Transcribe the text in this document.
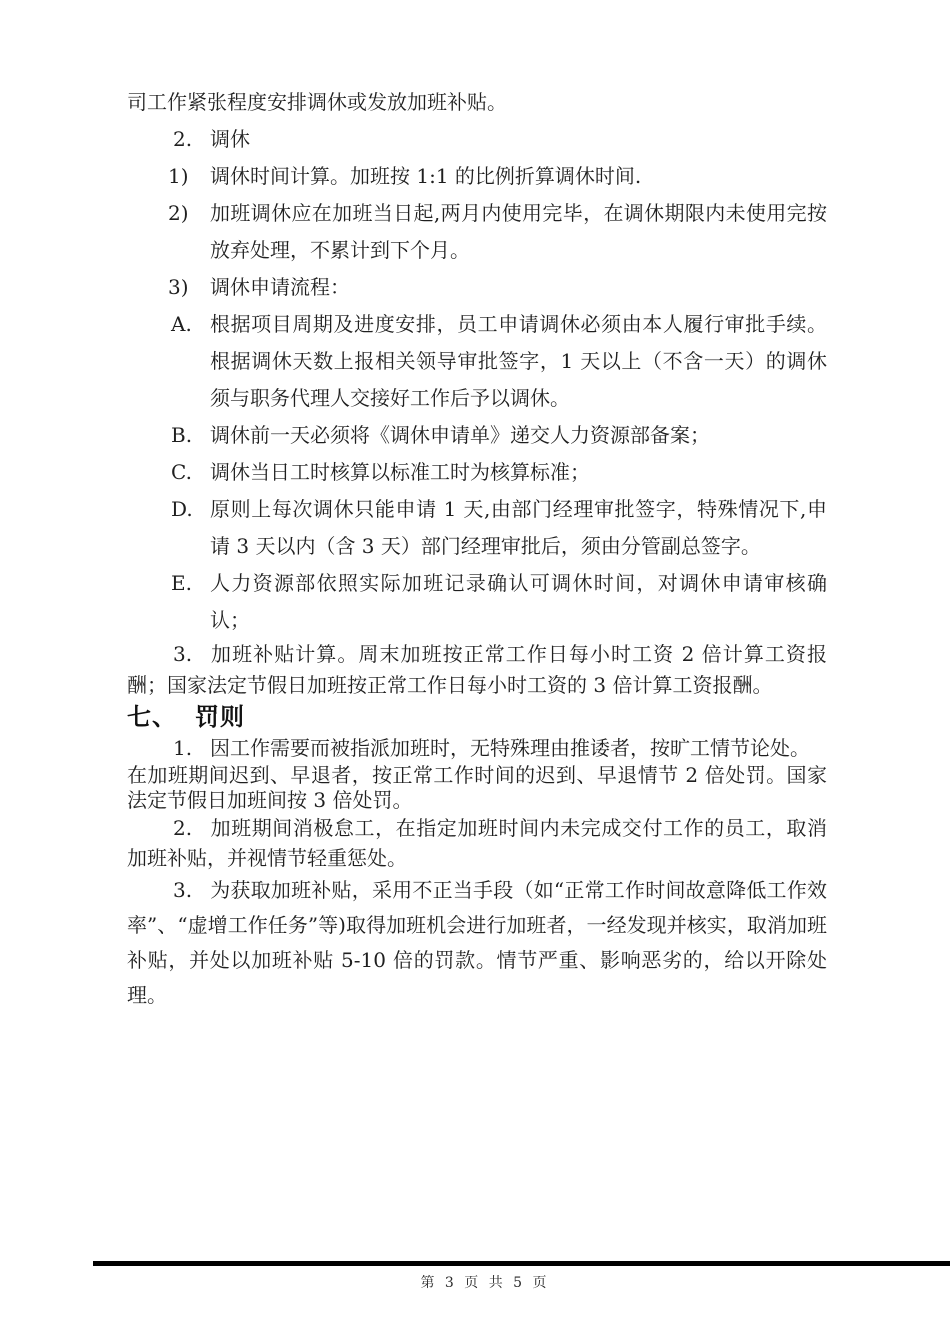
司工作紧张程度安排调休或发放加班补贴。

2. 调休
1) 调休时间计算。加班按 1:1 的比例折算调休时间.
2) 加班调休应在加班当日起,两月内使用完毕，在调休期限内未使用完按放弃处理，不累计到下个月。
3) 调休申请流程：
A. 根据项目周期及进度安排，员工申请调休必须由本人履行审批手续。根据调休天数上报相关领导审批签字，1 天以上（不含一天）的调休须与职务代理人交接好工作后予以调休。
B. 调休前一天必须将《调休申请单》递交人力资源部备案；
C. 调休当日工时核算以标准工时为核算标准；
D. 原则上每次调休只能申请 1 天,由部门经理审批签字，特殊情况下,申请 3 天以内（含 3 天）部门经理审批后，须由分管副总签字。
E. 人力资源部依照实际加班记录确认可调休时间，对调休申请审核确认；

3. 加班补贴计算。周末加班按正常工作日每小时工资 2 倍计算工资报酬；国家法定节假日加班按正常工作日每小时工资的 3 倍计算工资报酬。

七、 罚则

1. 因工作需要而被指派加班时，无特殊理由推诿者，按旷工情节论处。

在加班期间迟到、早退者，按正常工作时间的迟到、早退情节 2 倍处罚。国家法定节假日加班间按 3 倍处罚。

2. 加班期间消极怠工，在指定加班时间内未完成交付工作的员工，取消加班补贴，并视情节轻重惩处。

3. 为获取加班补贴，采用不正当手段（如“正常工作时间故意降低工作效率”、“虚增工作任务”等)取得加班机会进行加班者，一经发现并核实，取消加班补贴，并处以加班补贴 5-10 倍的罚款。情节严重、影响恶劣的，给以开除处理。

第 3 页 共 5 页
